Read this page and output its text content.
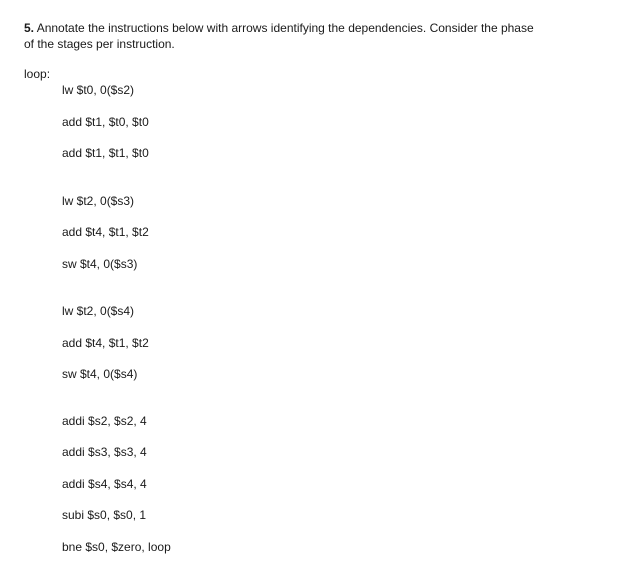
5. Annotate the instructions below with arrows identifying the dependencies. Consider the phase of the stages per instruction.
loop:
lw $t0, 0($s2)
add $t1, $t0, $t0
add $t1, $t1, $t0
lw $t2, 0($s3)
add $t4, $t1, $t2
sw $t4, 0($s3)
lw $t2, 0($s4)
add $t4, $t1, $t2
sw $t4, 0($s4)
addi $s2, $s2, 4
addi $s3, $s3, 4
addi $s4, $s4, 4
subi $s0, $s0, 1
bne $s0, $zero, loop
